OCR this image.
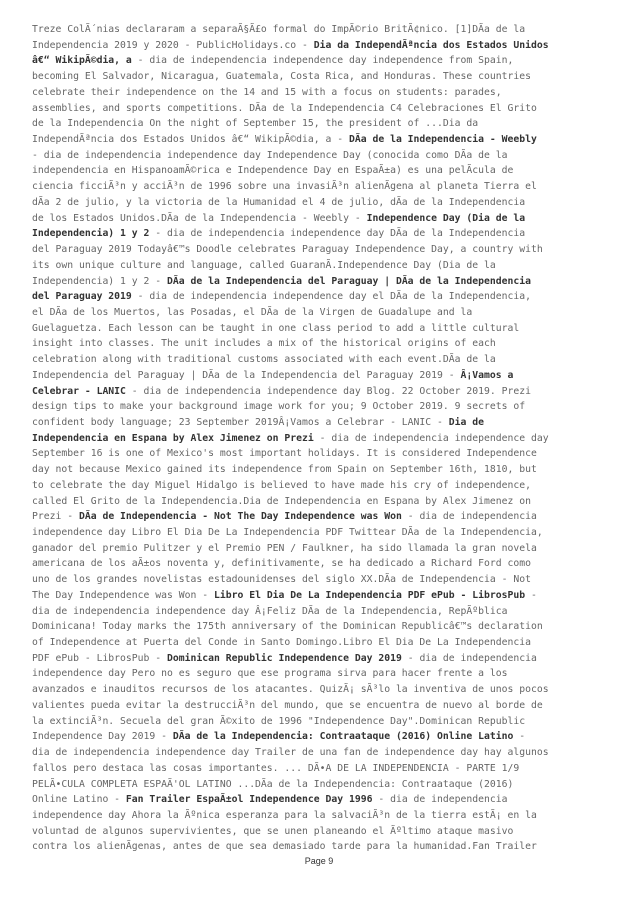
Treze ColÃ´nias declararam a separaÃ§Ã£o formal do ImpÃ©rio BritÃ¢nico. [1]DÃa de la
Independencia 2019 y 2020 - PublicHolidays.co - Dia da IndependÃªncia dos Estados Unidos
â€“ WikipÃ©dia, a - dia de independencia independence day independence from Spain,
becoming El Salvador, Nicaragua, Guatemala, Costa Rica, and Honduras. These countries
celebrate their independence on the 14 and 15 with a focus on students: parades,
assemblies, and sports competitions. DÃa de la Independencia C4 Celebraciones El Grito
de la Independencia On the night of September 15, the president of ...Dia da
IndependÃªncia dos Estados Unidos â€“ WikipÃ©dia, a - DÃa de la Independencia - Weebly
- dia de independencia independence day Independence Day (conocida como DÃa de la
independencia en HispanoamÃ©rica e Independence Day en EspaÃ±a) es una pelÃcula de
ciencia ficciÃ³n y acciÃ³n de 1996 sobre una invasiÃ³n alienÃgena al planeta Tierra el
dÃa 2 de julio, y la victoria de la Humanidad el 4 de julio, dÃa de la Independencia
de los Estados Unidos.DÃa de la Independencia - Weebly - Independence Day (Dia de la
Independencia) 1 y 2 - dia de independencia independence day DÃa de la Independencia
del Paraguay 2019 Todayâ€™s Doodle celebrates Paraguay Independence Day, a country with
its own unique culture and language, called GuaranÃ.Independence Day (Dia de la
Independencia) 1 y 2 - DÃa de la Independencia del Paraguay | DÃa de la Independencia
del Paraguay 2019 - dia de independencia independence day el DÃa de la Independencia,
el DÃa de los Muertos, las Posadas, el DÃa de la Virgen de Guadalupe and la
Guelaguetza. Each lesson can be taught in one class period to add a little cultural
insight into classes. The unit includes a mix of the historical origins of each
celebration along with traditional customs associated with each event.DÃa de la
Independencia del Paraguay | DÃa de la Independencia del Paraguay 2019 - Â¡Vamos a
Celebrar - LANIC - dia de independencia independence day Blog. 22 October 2019. Prezi
design tips to make your background image work for you; 9 October 2019. 9 secrets of
confident body language; 23 September 2019Â¡Vamos a Celebrar - LANIC - Dia de
Independencia en Espana by Alex Jimenez on Prezi - dia de independencia independence day
September 16 is one of Mexico's most important holidays. It is considered Independence
day not because Mexico gained its independence from Spain on September 16th, 1810, but
to celebrate the day Miguel Hidalgo is believed to have made his cry of independence,
called El Grito de la Independencia.Dia de Independencia en Espana by Alex Jimenez on
Prezi - DÃa de Independencia - Not The Day Independence was Won - dia de independencia
independence day Libro El Dia De La Independencia PDF Twittear DÃa de la Independencia,
ganador del premio Pulitzer y el Premio PEN / Faulkner, ha sido llamada la gran novela
americana de los aÃ±os noventa y, definitivamente, se ha dedicado a Richard Ford como
uno de los grandes novelistas estadounidenses del siglo XX.DÃa de Independencia - Not
The Day Independence was Won - Libro El Dia De La Independencia PDF ePub - LibrosPub -
dia de independencia independence day Â¡Feliz DÃa de la Independencia, RepÃºblica
Dominicana! Today marks the 175th anniversary of the Dominican Republicâ€™s declaration
of Independence at Puerta del Conde in Santo Domingo.Libro El Dia De La Independencia
PDF ePub - LibrosPub - Dominican Republic Independence Day 2019 - dia de independencia
independence day Pero no es seguro que ese programa sirva para hacer frente a los
avanzados e inauditos recursos de los atacantes. QuizÃ¡ sÃ³lo la inventiva de unos pocos
valientes pueda evitar la destrucciÃ³n del mundo, que se encuentra de nuevo al borde de
la extinciÃ³n. Secuela del gran Ã©xito de 1996 "Independence Day".Dominican Republic
Independence Day 2019 - DÃa de la Independencia: Contraataque (2016) Online Latino -
dia de independencia independence day Trailer de una fan de independence day hay algunos
fallos pero destaca las cosas importantes. ... DÃ•A DE LA INDEPENDENCIA - PARTE 1/9
PELÃ•CULA COMPLETA ESPAÃ'OL LATINO ...DÃa de la Independencia: Contraataque (2016)
Online Latino - Fan Trailer EspaÃ±ol Independence Day 1996 - dia de independencia
independence day Ahora la Ãºnica esperanza para la salvaciÃ³n de la tierra estÃ¡ en la
voluntad de algunos supervivientes, que se unen planeando el Ãºltimo ataque masivo
contra los alienÃgenas, antes de que sea demasiado tarde para la humanidad.Fan Trailer
Page 9
